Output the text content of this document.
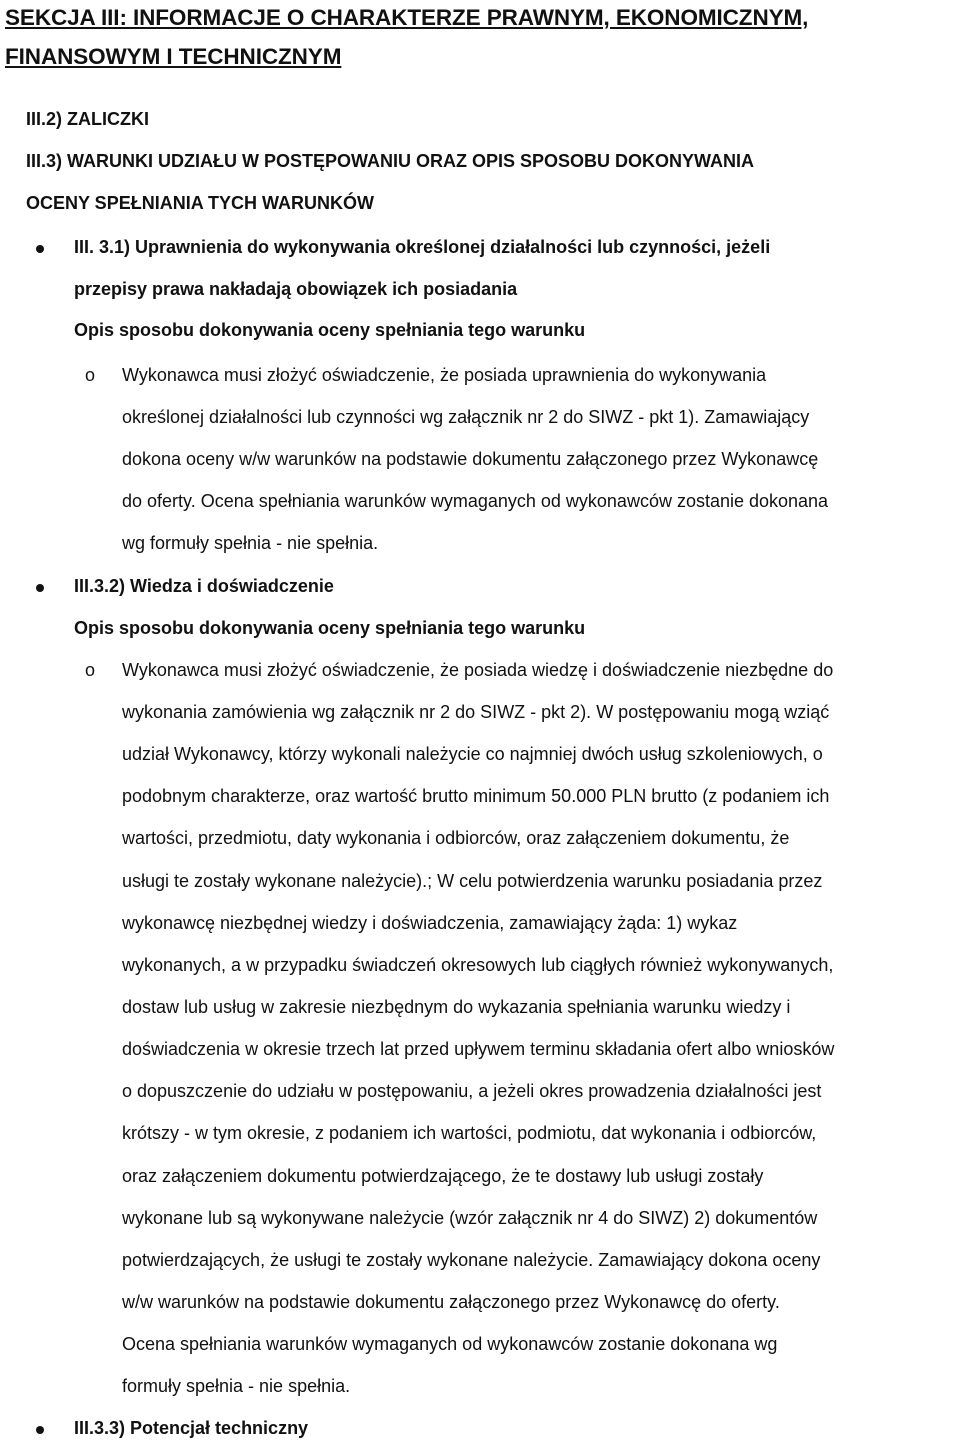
SEKCJA III: INFORMACJE O CHARAKTERZE PRAWNYM, EKONOMICZNYM,
FINANSOWYM I TECHNICZNYM
III.2) ZALICZKI
III.3) WARUNKI UDZIAŁU W POSTĘPOWANIU ORAZ OPIS SPOSOBU DOKONYWANIA
OCENY SPEŁNIANIA TYCH WARUNKÓW
III. 3.1) Uprawnienia do wykonywania określonej działalności lub czynności, jeżeli
przepisy prawa nakładają obowiązek ich posiadania
Opis sposobu dokonywania oceny spełniania tego warunku
o Wykonawca musi złożyć oświadczenie, że posiada uprawnienia do wykonywania
określonej działalności lub czynności wg załącznik nr 2 do SIWZ - pkt 1). Zamawiający
dokona oceny w/w warunków na podstawie dokumentu załączonego przez Wykonawcę
do oferty. Ocena spełniania warunków wymaganych od wykonawców zostanie dokonana
wg formuły spełnia - nie spełnia.
III.3.2) Wiedza i doświadczenie
Opis sposobu dokonywania oceny spełniania tego warunku
o Wykonawca musi złożyć oświadczenie, że posiada wiedzę i doświadczenie niezbędne do
wykonania zamówienia wg załącznik nr 2 do SIWZ - pkt 2). W postępowaniu mogą wziąć
udział Wykonawcy, którzy wykonali należycie co najmniej dwóch usług szkoleniowych, o
podobnym charakterze, oraz wartość brutto minimum 50.000 PLN brutto (z podaniem ich
wartości, przedmiotu, daty wykonania i odbiorców, oraz załączeniem dokumentu, że
usługi te zostały wykonane należycie).; W celu potwierdzenia warunku posiadania przez
wykonawcę niezbędnej wiedzy i doświadczenia, zamawiający żąda: 1) wykaz
wykonanych, a w przypadku świadczeń okresowych lub ciągłych również wykonywanych,
dostaw lub usług w zakresie niezbędnym do wykazania spełniania warunku wiedzy i
doświadczenia w okresie trzech lat przed upływem terminu składania ofert albo wniosków
o dopuszczenie do udziału w postępowaniu, a jeżeli okres prowadzenia działalności jest
krótszy - w tym okresie, z podaniem ich wartości, podmiotu, dat wykonania i odbiorców,
oraz załączeniem dokumentu potwierdzającego, że te dostawy lub usługi zostały
wykonane lub są wykonywane należycie (wzór załącznik nr 4 do SIWZ) 2) dokumentów
potwierdzających, że usługi te zostały wykonane należycie. Zamawiający dokona oceny
w/w warunków na podstawie dokumentu załączonego przez Wykonawcę do oferty.
Ocena spełniania warunków wymaganych od wykonawców zostanie dokonana wg
formuły spełnia - nie spełnia.
III.3.3) Potencjał techniczny
